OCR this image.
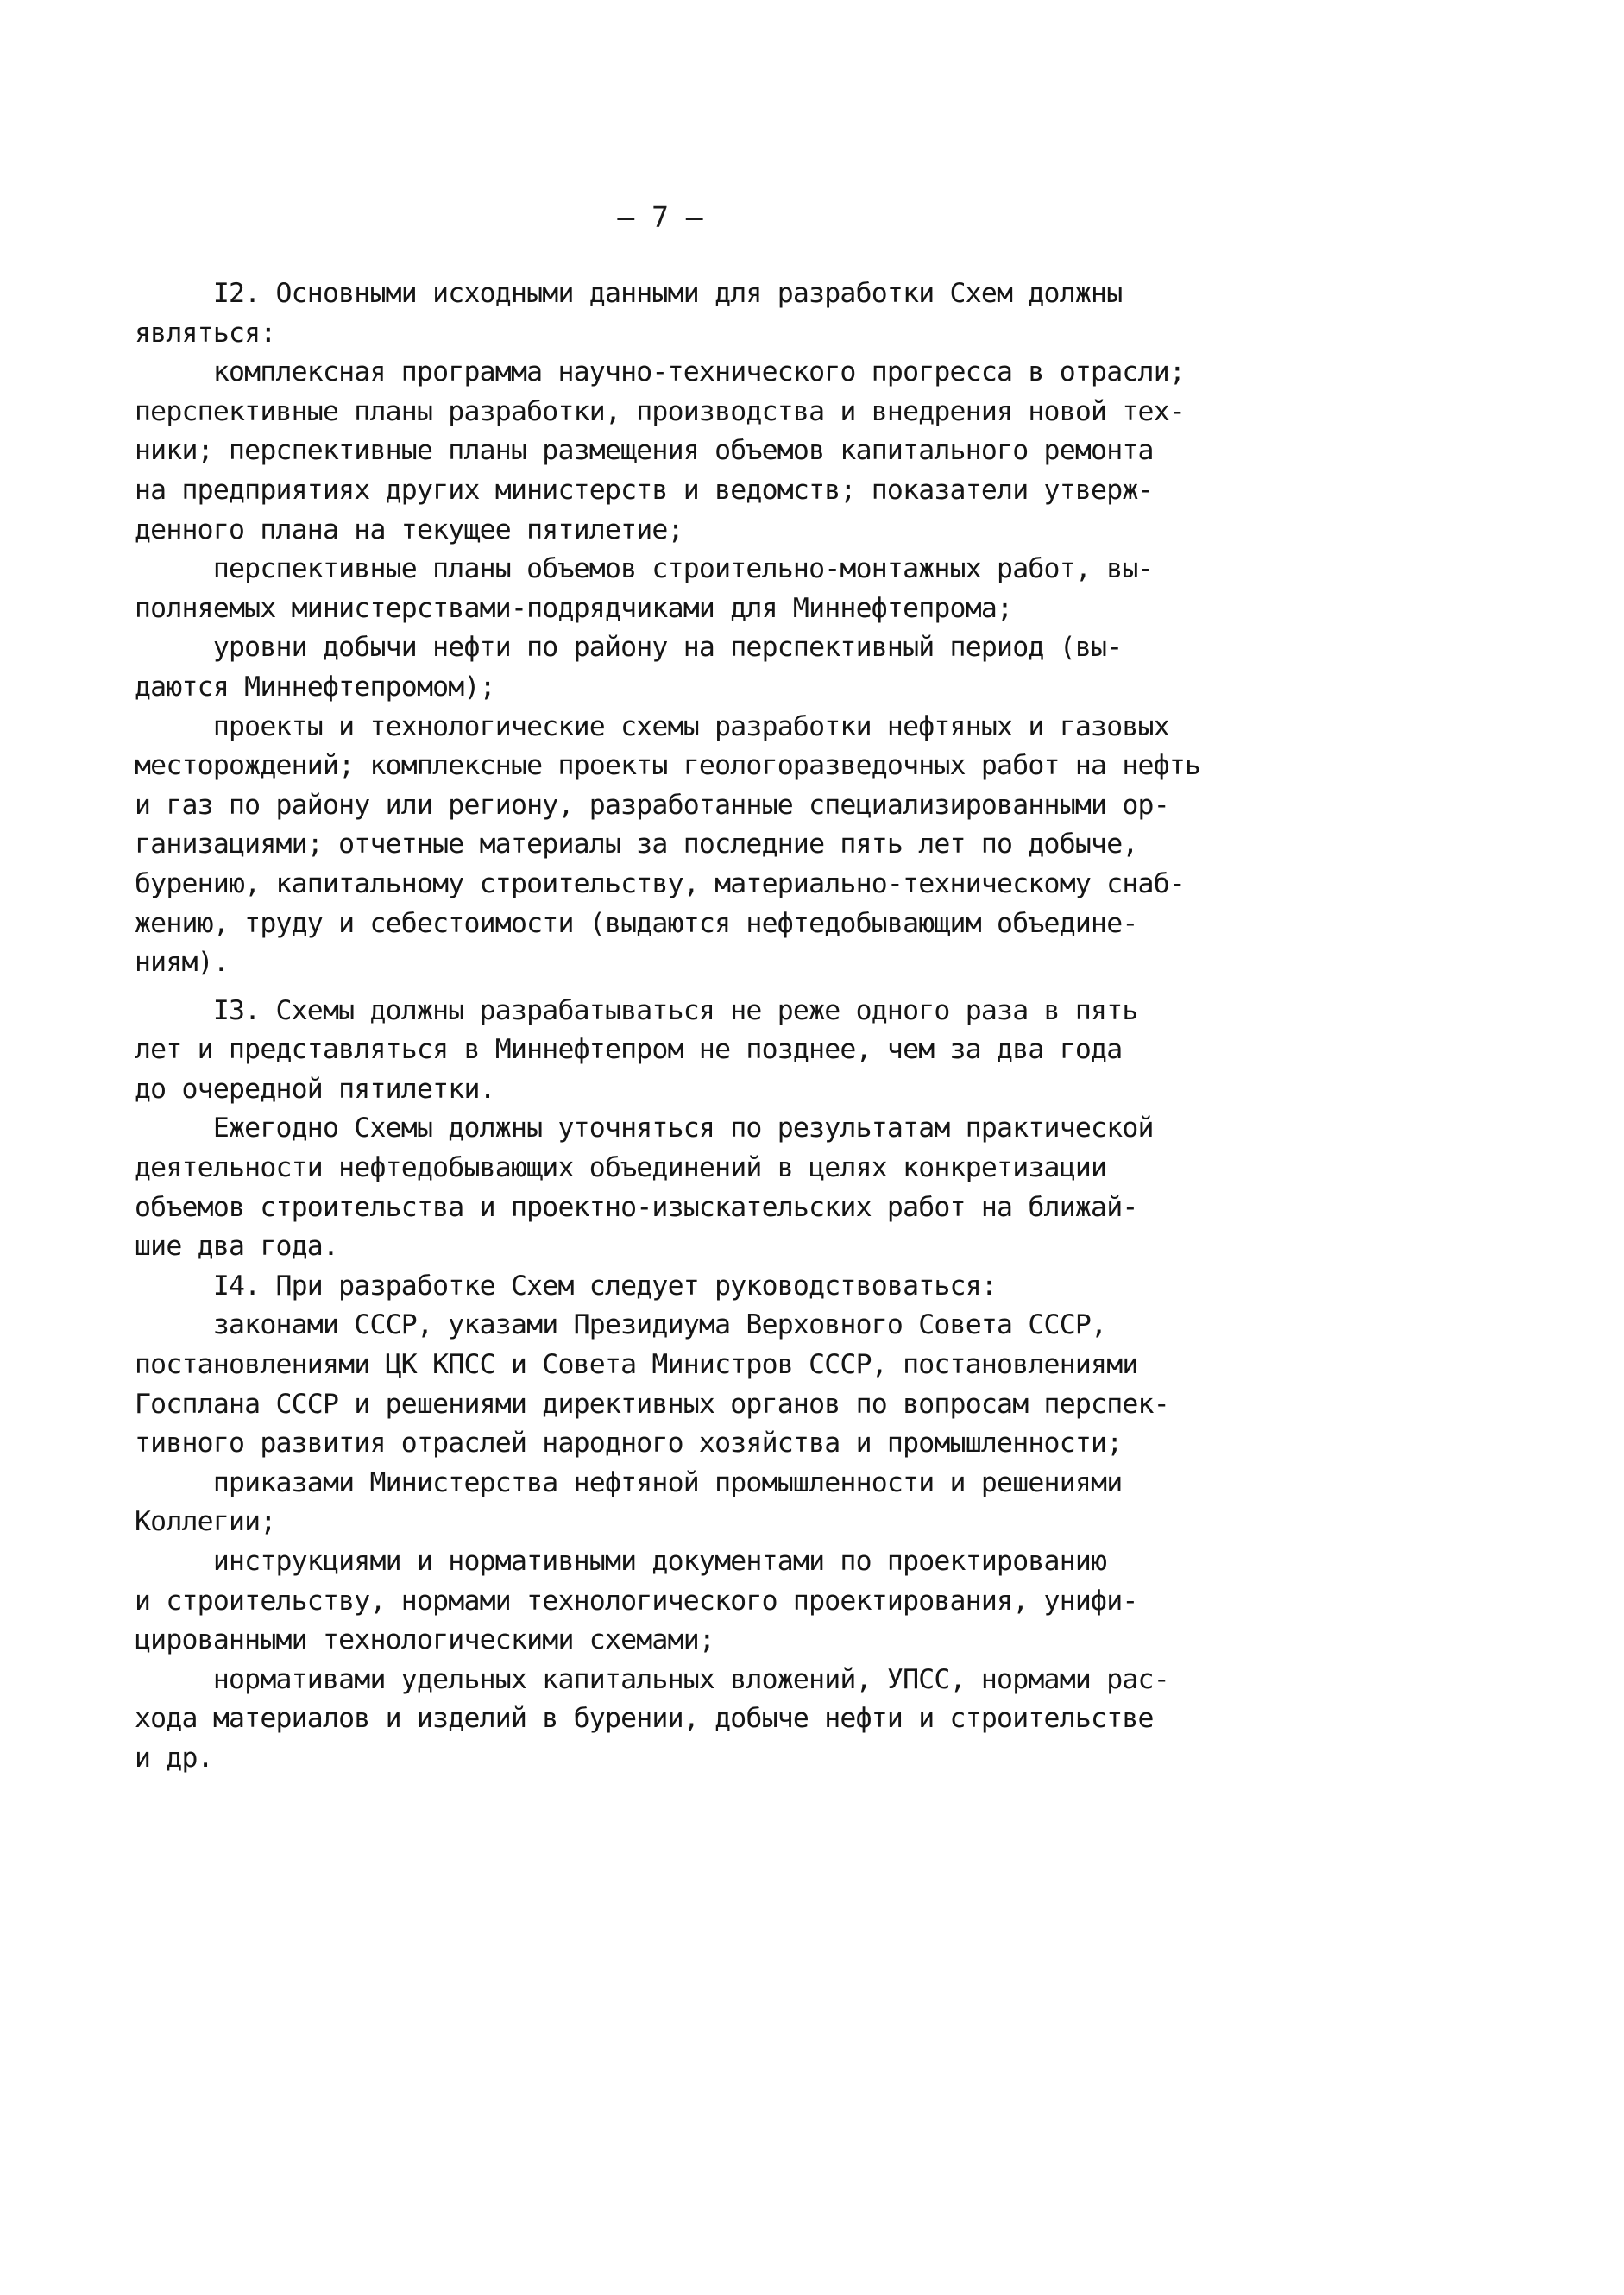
– 7 –
I2. Основными исходными данными для разработки Схем должны
являться:
комплексная программа научно-технического прогресса в отрасли;
перспективные планы разработки, производства и внедрения новой тех-
ники; перспективные планы размещения объемов капитального ремонта
на предприятиях других министерств и ведомств; показатели утверж-
денного плана на текущее пятилетие;
перспективные планы объемов строительно-монтажных работ, вы-
полняемых министерствами-подрядчиками для Миннефтепрома;
уровни добычи нефти по району на перспективный период (вы-
даются Миннефтепромом);
проекты и технологические схемы разработки нефтяных и газовых
месторождений; комплексные проекты геологоразведочных работ на нефть
и газ по району или региону, разработанные специализированными ор-
ганизациями; отчетные материалы за последние пять лет по добыче,
бурению, капитальному строительству, материально-техническому снаб-
жению, труду и себестоимости (выдаются нефтедобывающим объедине-
ниям).
I3. Схемы должны разрабатываться не реже одного раза в пять
лет и представляться в Миннефтепром не позднее, чем за два года
до очередной пятилетки.
Ежегодно Схемы должны уточняться по результатам практической
деятельности нефтедобывающих объединений в целях конкретизации
объемов строительства и проектно-изыскательских работ на ближай-
шие два года.
I4. При разработке Схем следует руководствоваться:
законами СССР, указами Президиума Верховного Совета СССР,
постановлениями ЦК КПСС и Совета Министров СССР, постановлениями
Госплана СССР и решениями директивных органов по вопросам перспек-
тивного развития отраслей народного хозяйства и промышленности;
приказами Министерства нефтяной промышленности и решениями
Коллегии;
инструкциями и нормативными документами по проектированию
и строительству, нормами технологического проектирования, унифи-
цированными технологическими схемами;
нормативами удельных капитальных вложений, УПСС, нормами рас-
хода материалов и изделий в бурении, добыче нефти и строительстве
и др.
